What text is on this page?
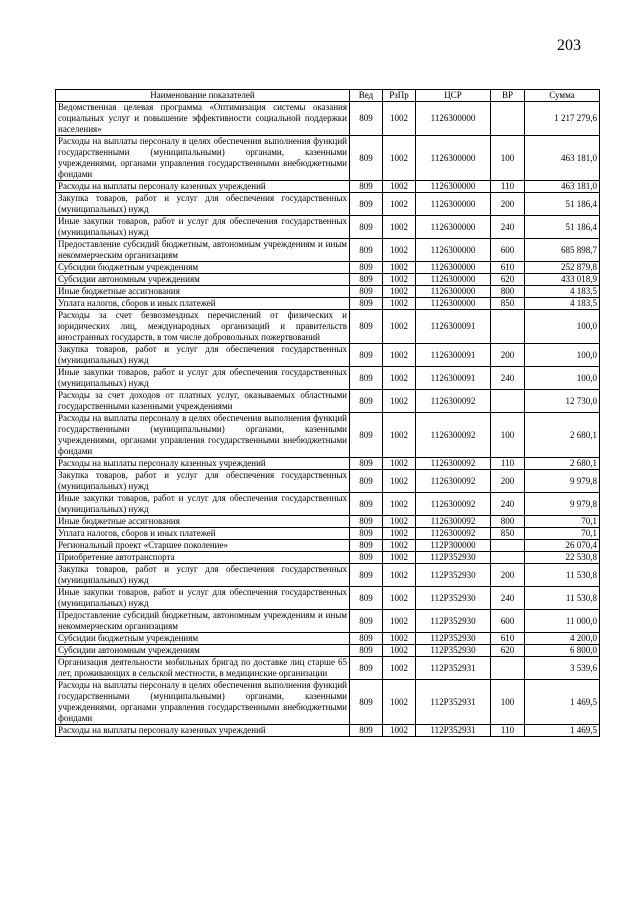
203
Наименование показателей	Вед	РзПр	ЦСР	ВР	Сумма
Ведомственная целевая программа «Оптимизация системы оказания социальных услуг и повышение эффективности социальной поддержки населения»	809	1002	1126300000		1 217 279,6
Расходы на выплаты персоналу в целях обеспечения выполнения функций государственными (муниципальными) органами, казенными учреждениями, органами управления государственными внебюджетными фондами	809	1002	1126300000	100	463 181,0
Расходы на выплаты персоналу казенных учреждений	809	1002	1126300000	110	463 181,0
Закупка товаров, работ и услуг для обеспечения государственных (муниципальных) нужд	809	1002	1126300000	200	51 186,4
Иные закупки товаров, работ и услуг для обеспечения государственных (муниципальных) нужд	809	1002	1126300000	240	51 186,4
Предоставление субсидий бюджетным, автономным учреждениям и иным некоммерческим организациям	809	1002	1126300000	600	685 898,7
Субсидии бюджетным учреждениям	809	1002	1126300000	610	252 879,8
Субсидии автономным учреждениям	809	1002	1126300000	620	433 018,9
Иные бюджетные ассигнования	809	1002	1126300000	800	4 183,5
Уплата налогов, сборов и иных платежей	809	1002	1126300000	850	4 183,5
Расходы за счет безвозмездных перечислений от физических и юридических лиц, международных организаций и правительств иностранных государств, в том числе добровольных пожертвований	809	1002	1126300091		100,0
Закупка товаров, работ и услуг для обеспечения государственных (муниципальных) нужд	809	1002	1126300091	200	100,0
Иные закупки товаров, работ и услуг для обеспечения государственных (муниципальных) нужд	809	1002	1126300091	240	100,0
Расходы за счет доходов от платных услуг, оказываемых областными государственными казенными учреждениями	809	1002	1126300092		12 730,0
Расходы на выплаты персоналу в целях обеспечения выполнения функций государственными (муниципальными) органами, казенными учреждениями, органами управления государственными внебюджетными фондами	809	1002	1126300092	100	2 680,1
Расходы на выплаты персоналу казенных учреждений	809	1002	1126300092	110	2 680,1
Закупка товаров, работ и услуг для обеспечения государственных (муниципальных) нужд	809	1002	1126300092	200	9 979,8
Иные закупки товаров, работ и услуг для обеспечения государственных (муниципальных) нужд	809	1002	1126300092	240	9 979,8
Иные бюджетные ассигнования	809	1002	1126300092	800	70,1
Уплата налогов, сборов и иных платежей	809	1002	1126300092	850	70,1
Региональный проект «Старшее поколение»	809	1002	112P300000		26 070,4
Приобретение автотранспорта	809	1002	112P352930		22 530,8
Закупка товаров, работ и услуг для обеспечения государственных (муниципальных) нужд	809	1002	112P352930	200	11 530,8
Иные закупки товаров, работ и услуг для обеспечения государственных (муниципальных) нужд	809	1002	112P352930	240	11 530,8
Предоставление субсидий бюджетным, автономным учреждениям и иным некоммерческим организациям	809	1002	112P352930	600	11 000,0
Субсидии бюджетным учреждениям	809	1002	112P352930	610	4 200,0
Субсидии автономным учреждениям	809	1002	112P352930	620	6 800,0
Организация деятельности мобильных бригад по доставке лиц старше 65 лет, проживающих в сельской местности, в медицинские организации	809	1002	112P352931		3 539,6
Расходы на выплаты персоналу в целях обеспечения выполнения функций государственными (муниципальными) органами, казенными учреждениями, органами управления государственными внебюджетными фондами	809	1002	112P352931	100	1 469,5
Расходы на выплаты персоналу казенных учреждений	809	1002	112P352931	110	1 469,5
